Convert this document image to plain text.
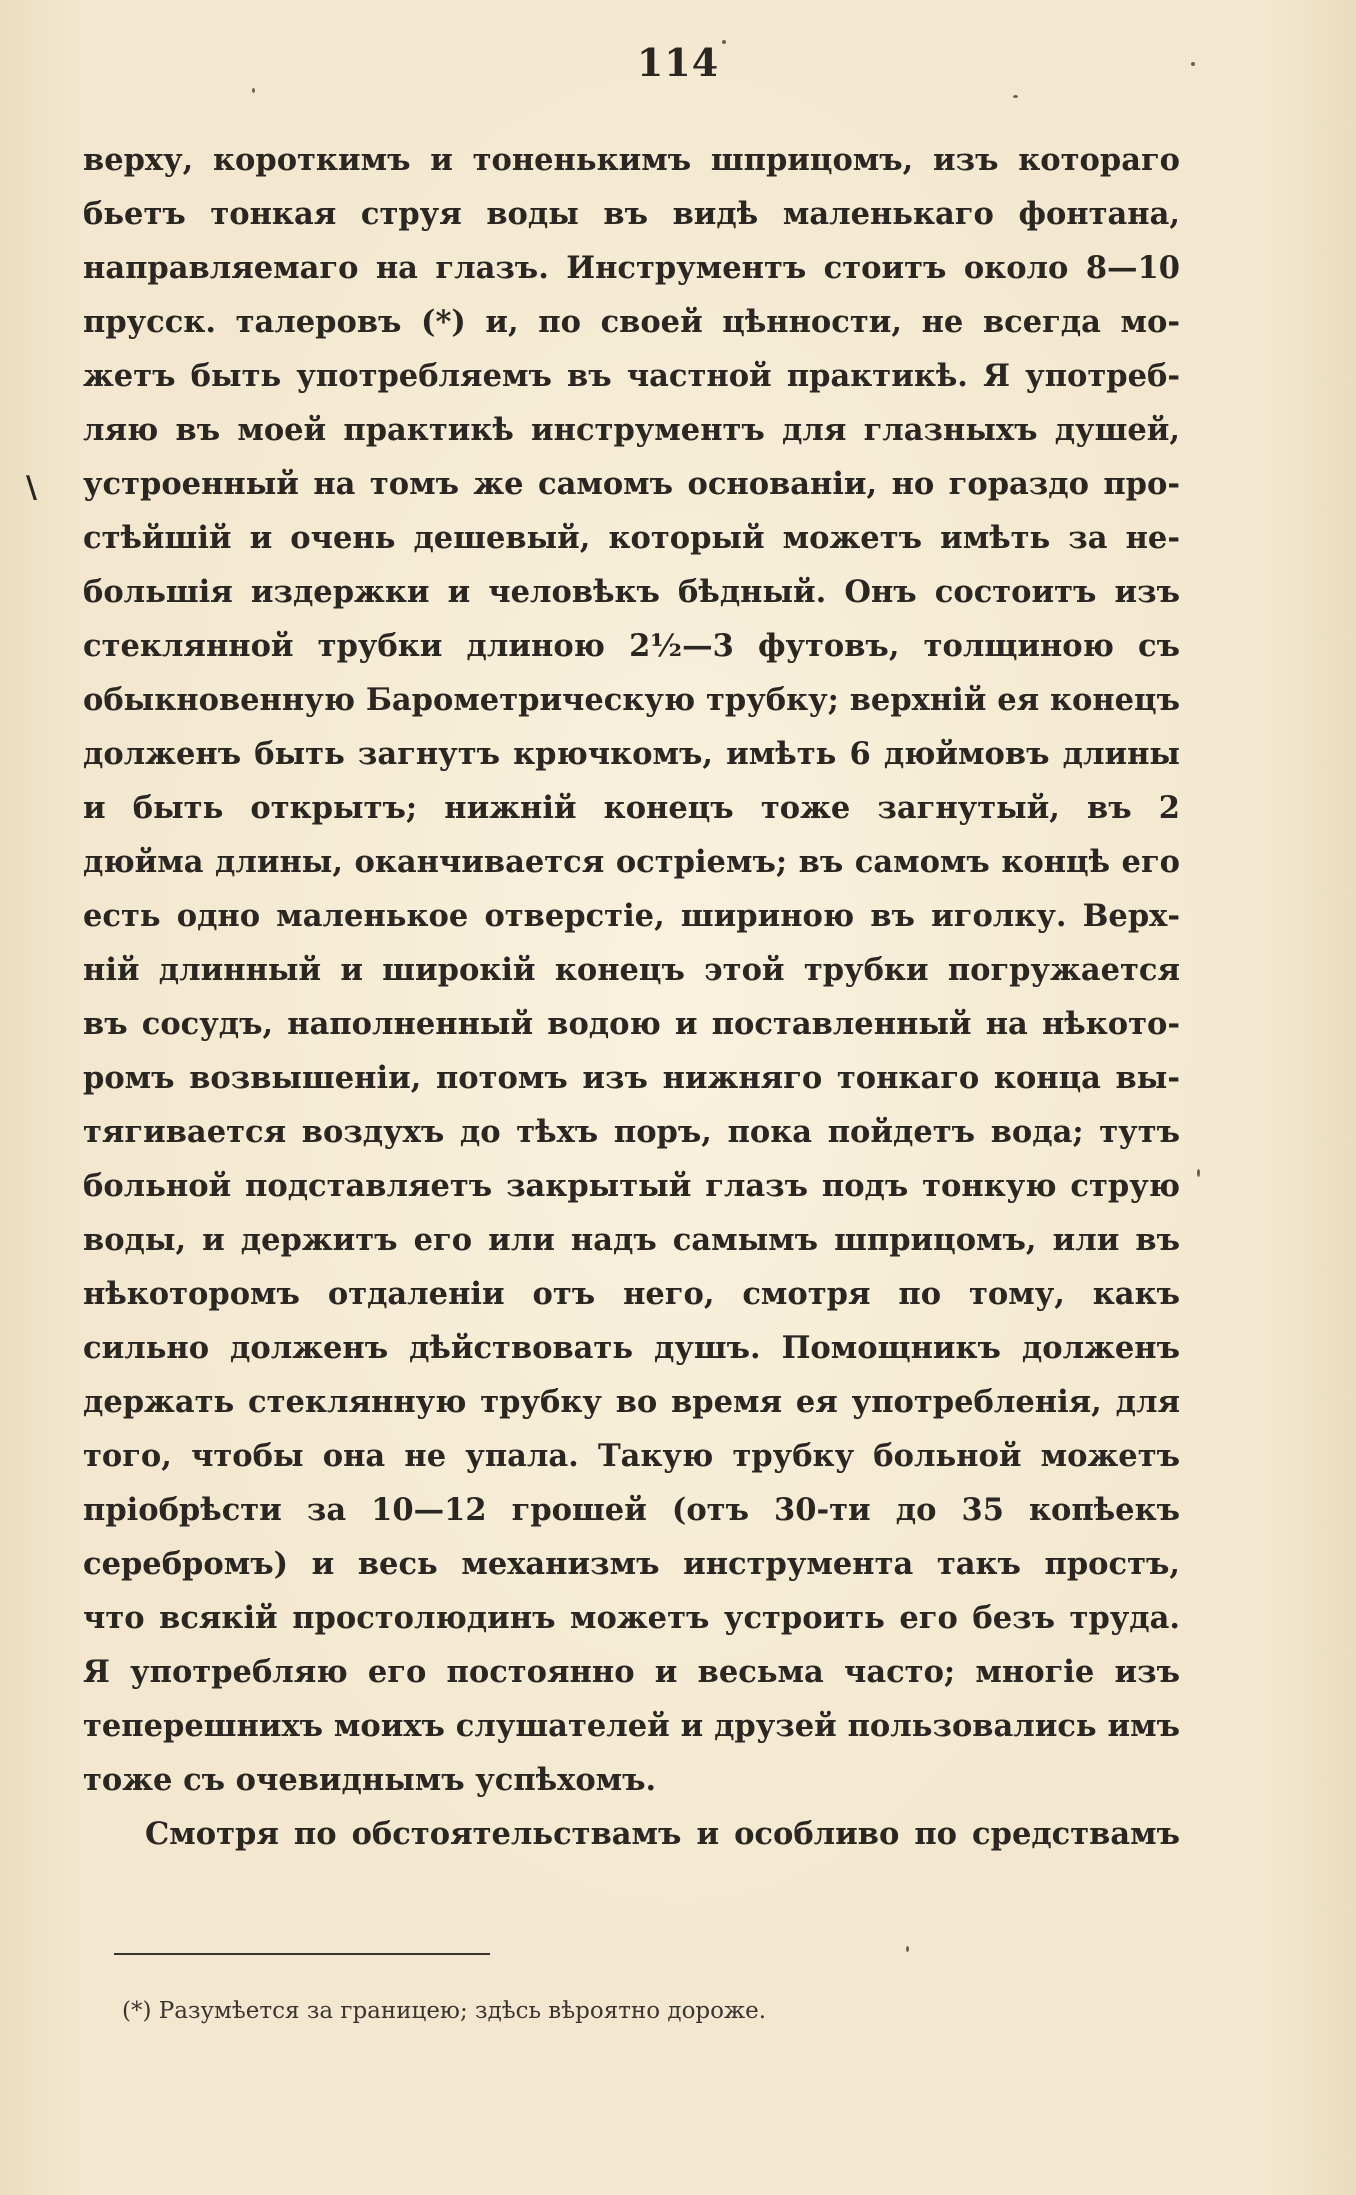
114
\
верху, короткимъ и тоненькимъ шприцомъ, изъ котораго
бьетъ тонкая струя воды въ видѣ маленькаго фонтана,
направляемаго на глазъ. Инструментъ стоитъ около 8—10
прусск. талеровъ (*) и, по своей цѣнности, не всегда мо-
жетъ быть употребляемъ въ частной практикѣ. Я употреб-
ляю въ моей практикѣ инструментъ для глазныхъ душей,
устроенный на томъ же самомъ основаніи, но гораздо про-
стѣйшій и очень дешевый, который можетъ имѣть за не-
большія издержки и человѣкъ бѣдный. Онъ состоитъ изъ
стеклянной трубки длиною 2½—3 футовъ, толщиною съ
обыкновенную Барометрическую трубку; верхній ея конецъ
долженъ быть загнутъ крючкомъ, имѣть 6 дюймовъ длины
и быть открытъ; нижній конецъ тоже загнутый, въ 2
дюйма длины, оканчивается остріемъ; въ самомъ концѣ его
есть одно маленькое отверстіе, шириною въ иголку. Верх-
ній длинный и широкій конецъ этой трубки погружается
въ сосудъ, наполненный водою и поставленный на нѣкото-
ромъ возвышеніи, потомъ изъ нижняго тонкаго конца вы-
тягивается воздухъ до тѣхъ поръ, пока пойдетъ вода; тутъ
больной подставляетъ закрытый глазъ подъ тонкую струю
воды, и держитъ его или надъ самымъ шприцомъ, или въ
нѣкоторомъ отдаленіи отъ него, смотря по тому, какъ
сильно долженъ дѣйствовать душъ. Помощникъ долженъ
держать стеклянную трубку во время ея употребленія, для
того, чтобы она не упала. Такую трубку больной можетъ
пріобрѣсти за 10—12 грошей (отъ 30-ти до 35 копѣекъ
серебромъ) и весь механизмъ инструмента такъ простъ,
что всякій простолюдинъ можетъ устроить его безъ труда.
Я употребляю его постоянно и весьма часто; многіе изъ
теперешнихъ моихъ слушателей и друзей пользовались имъ
тоже съ очевиднымъ успѣхомъ.
Смотря по обстоятельствамъ и особливо по средствамъ
(*) Разумѣется за границею; здѣсь вѣроятно дороже.
